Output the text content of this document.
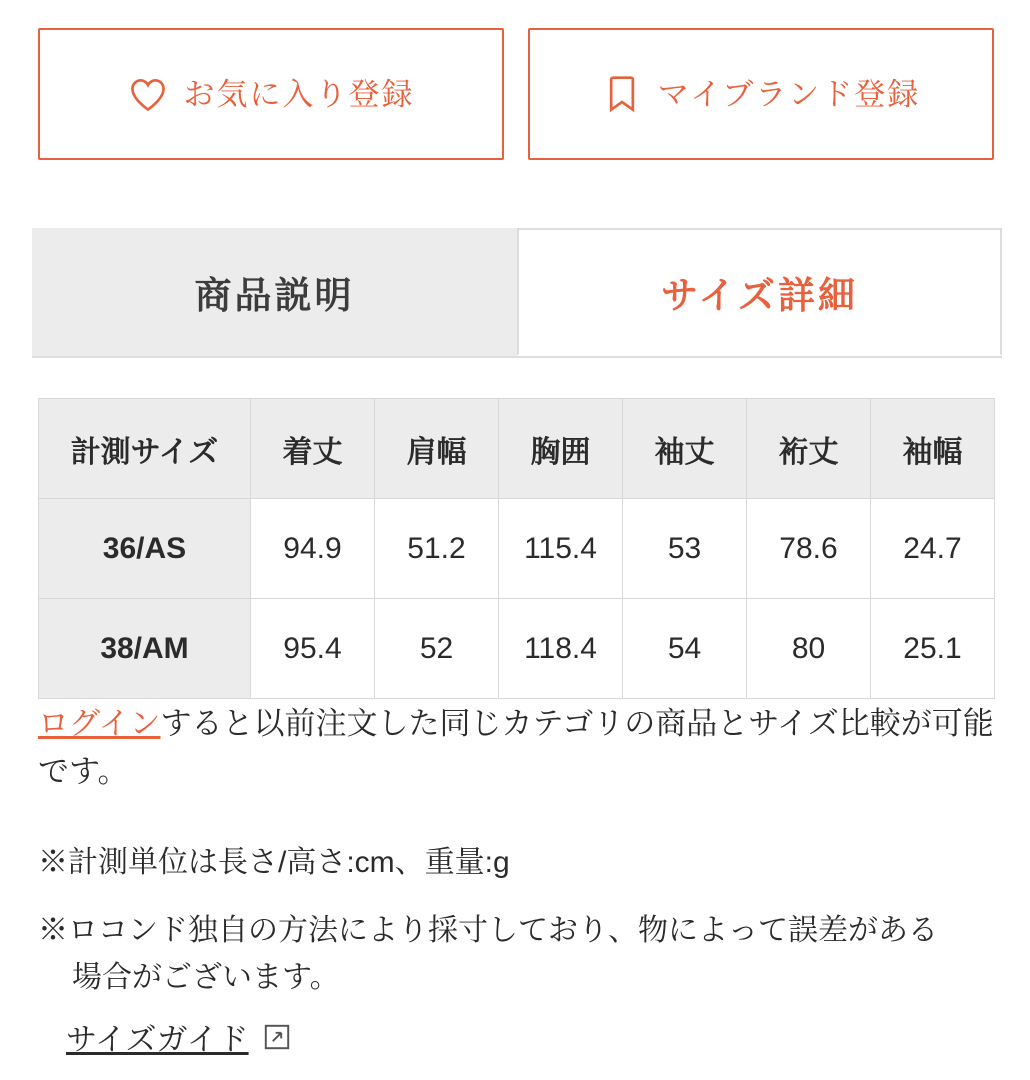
お気に入り登録	マイブランド登録
商品説明	サイズ詳細
計測サイズ	着丈	肩幅	胸囲	袖丈	裄丈	袖幅
36/AS	94.9	51.2	115.4	53	78.6	24.7
38/AM	95.4	52	118.4	54	80	25.1
ログインすると以前注文した同じカテゴリの商品とサイズ比較が可能です。
※計測単位は長さ/高さ:cm、重量:g
※ロコンド独自の方法により採寸しており、物によって誤差がある
場合がございます。
サイズガイド
